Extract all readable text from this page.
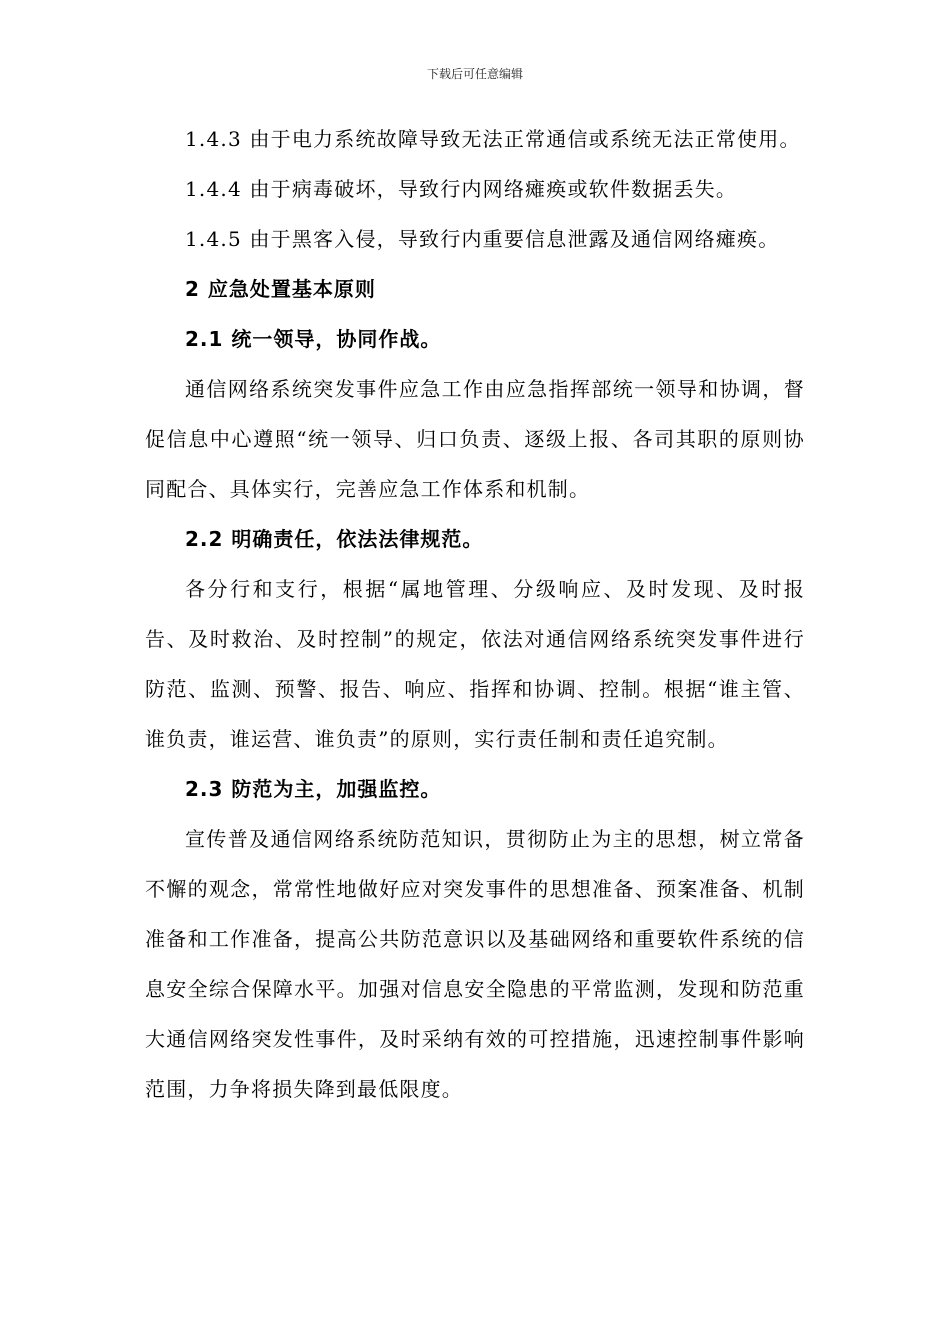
下载后可任意编辑

1.4.3 由于电力系统故障导致无法正常通信或系统无法正常使用。

1.4.4 由于病毒破坏，导致行内网络瘫痪或软件数据丢失。

1.4.5 由于黑客入侵，导致行内重要信息泄露及通信网络瘫痪。

2 应急处置基本原则

2.1 统一领导，协同作战。

通信网络系统突发事件应急工作由应急指挥部统一领导和协调，督促信息中心遵照“统一领导、归口负责、逐级上报、各司其职的原则协同配合、具体实行，完善应急工作体系和机制。

2.2 明确责任，依法法律规范。

各分行和支行，根据“属地管理、分级响应、及时发现、及时报告、及时救治、及时控制”的规定，依法对通信网络系统突发事件进行防范、监测、预警、报告、响应、指挥和协调、控制。根据“谁主管、谁负责，谁运营、谁负责”的原则，实行责任制和责任追究制。

2.3 防范为主，加强监控。

宣传普及通信网络系统防范知识，贯彻防止为主的思想，树立常备不懈的观念，常常性地做好应对突发事件的思想准备、预案准备、机制准备和工作准备，提高公共防范意识以及基础网络和重要软件系统的信息安全综合保障水平。加强对信息安全隐患的平常监测，发现和防范重大通信网络突发性事件，及时采纳有效的可控措施，迅速控制事件影响范围，力争将损失降到最低限度。
